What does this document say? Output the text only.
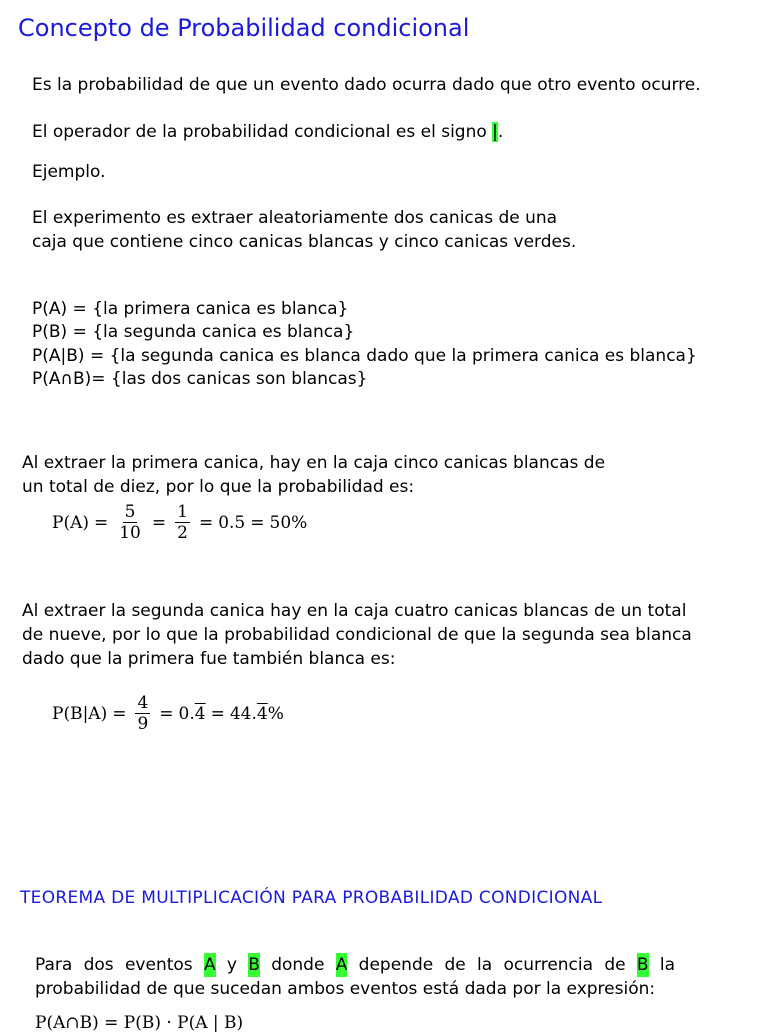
Concepto de Probabilidad condicional
Es la probabilidad de que un evento dado ocurra dado que otro evento ocurre.
El operador de la probabilidad condicional es el signo |.
Ejemplo.
El experimento es extraer aleatoriamente dos canicas de una
caja que contiene cinco canicas blancas y cinco canicas verdes.
P(A) = {la primera canica es blanca}
P(B) = {la segunda canica es blanca}
P(A|B) = {la segunda canica es blanca dado que la primera canica es blanca}
P(A∩B)= {las dos canicas son blancas}
Al extraer la primera canica, hay en la caja cinco canicas blancas de
un total de diez, por lo que la probabilidad es:
$P(A) = \frac{5}{10} = \frac{1}{2} = 0.5 = 50\%$
Al extraer la segunda canica hay en la caja cuatro canicas blancas de un total
de nueve, por lo que la probabilidad condicional de que la segunda sea blanca
dado que la primera fue también blanca es:
$P(B|A) = \frac{4}{9} = 0.4 = 44.4\%$
TEOREMA DE MULTIPLICACIÓN PARA PROBABILIDAD CONDICIONAL
Para dos eventos A y B donde A depende de la ocurrencia de B la
probabilidad de que sucedan ambos eventos está dada por la expresión:
P(A∩B) = P(B) · P(A | B)
